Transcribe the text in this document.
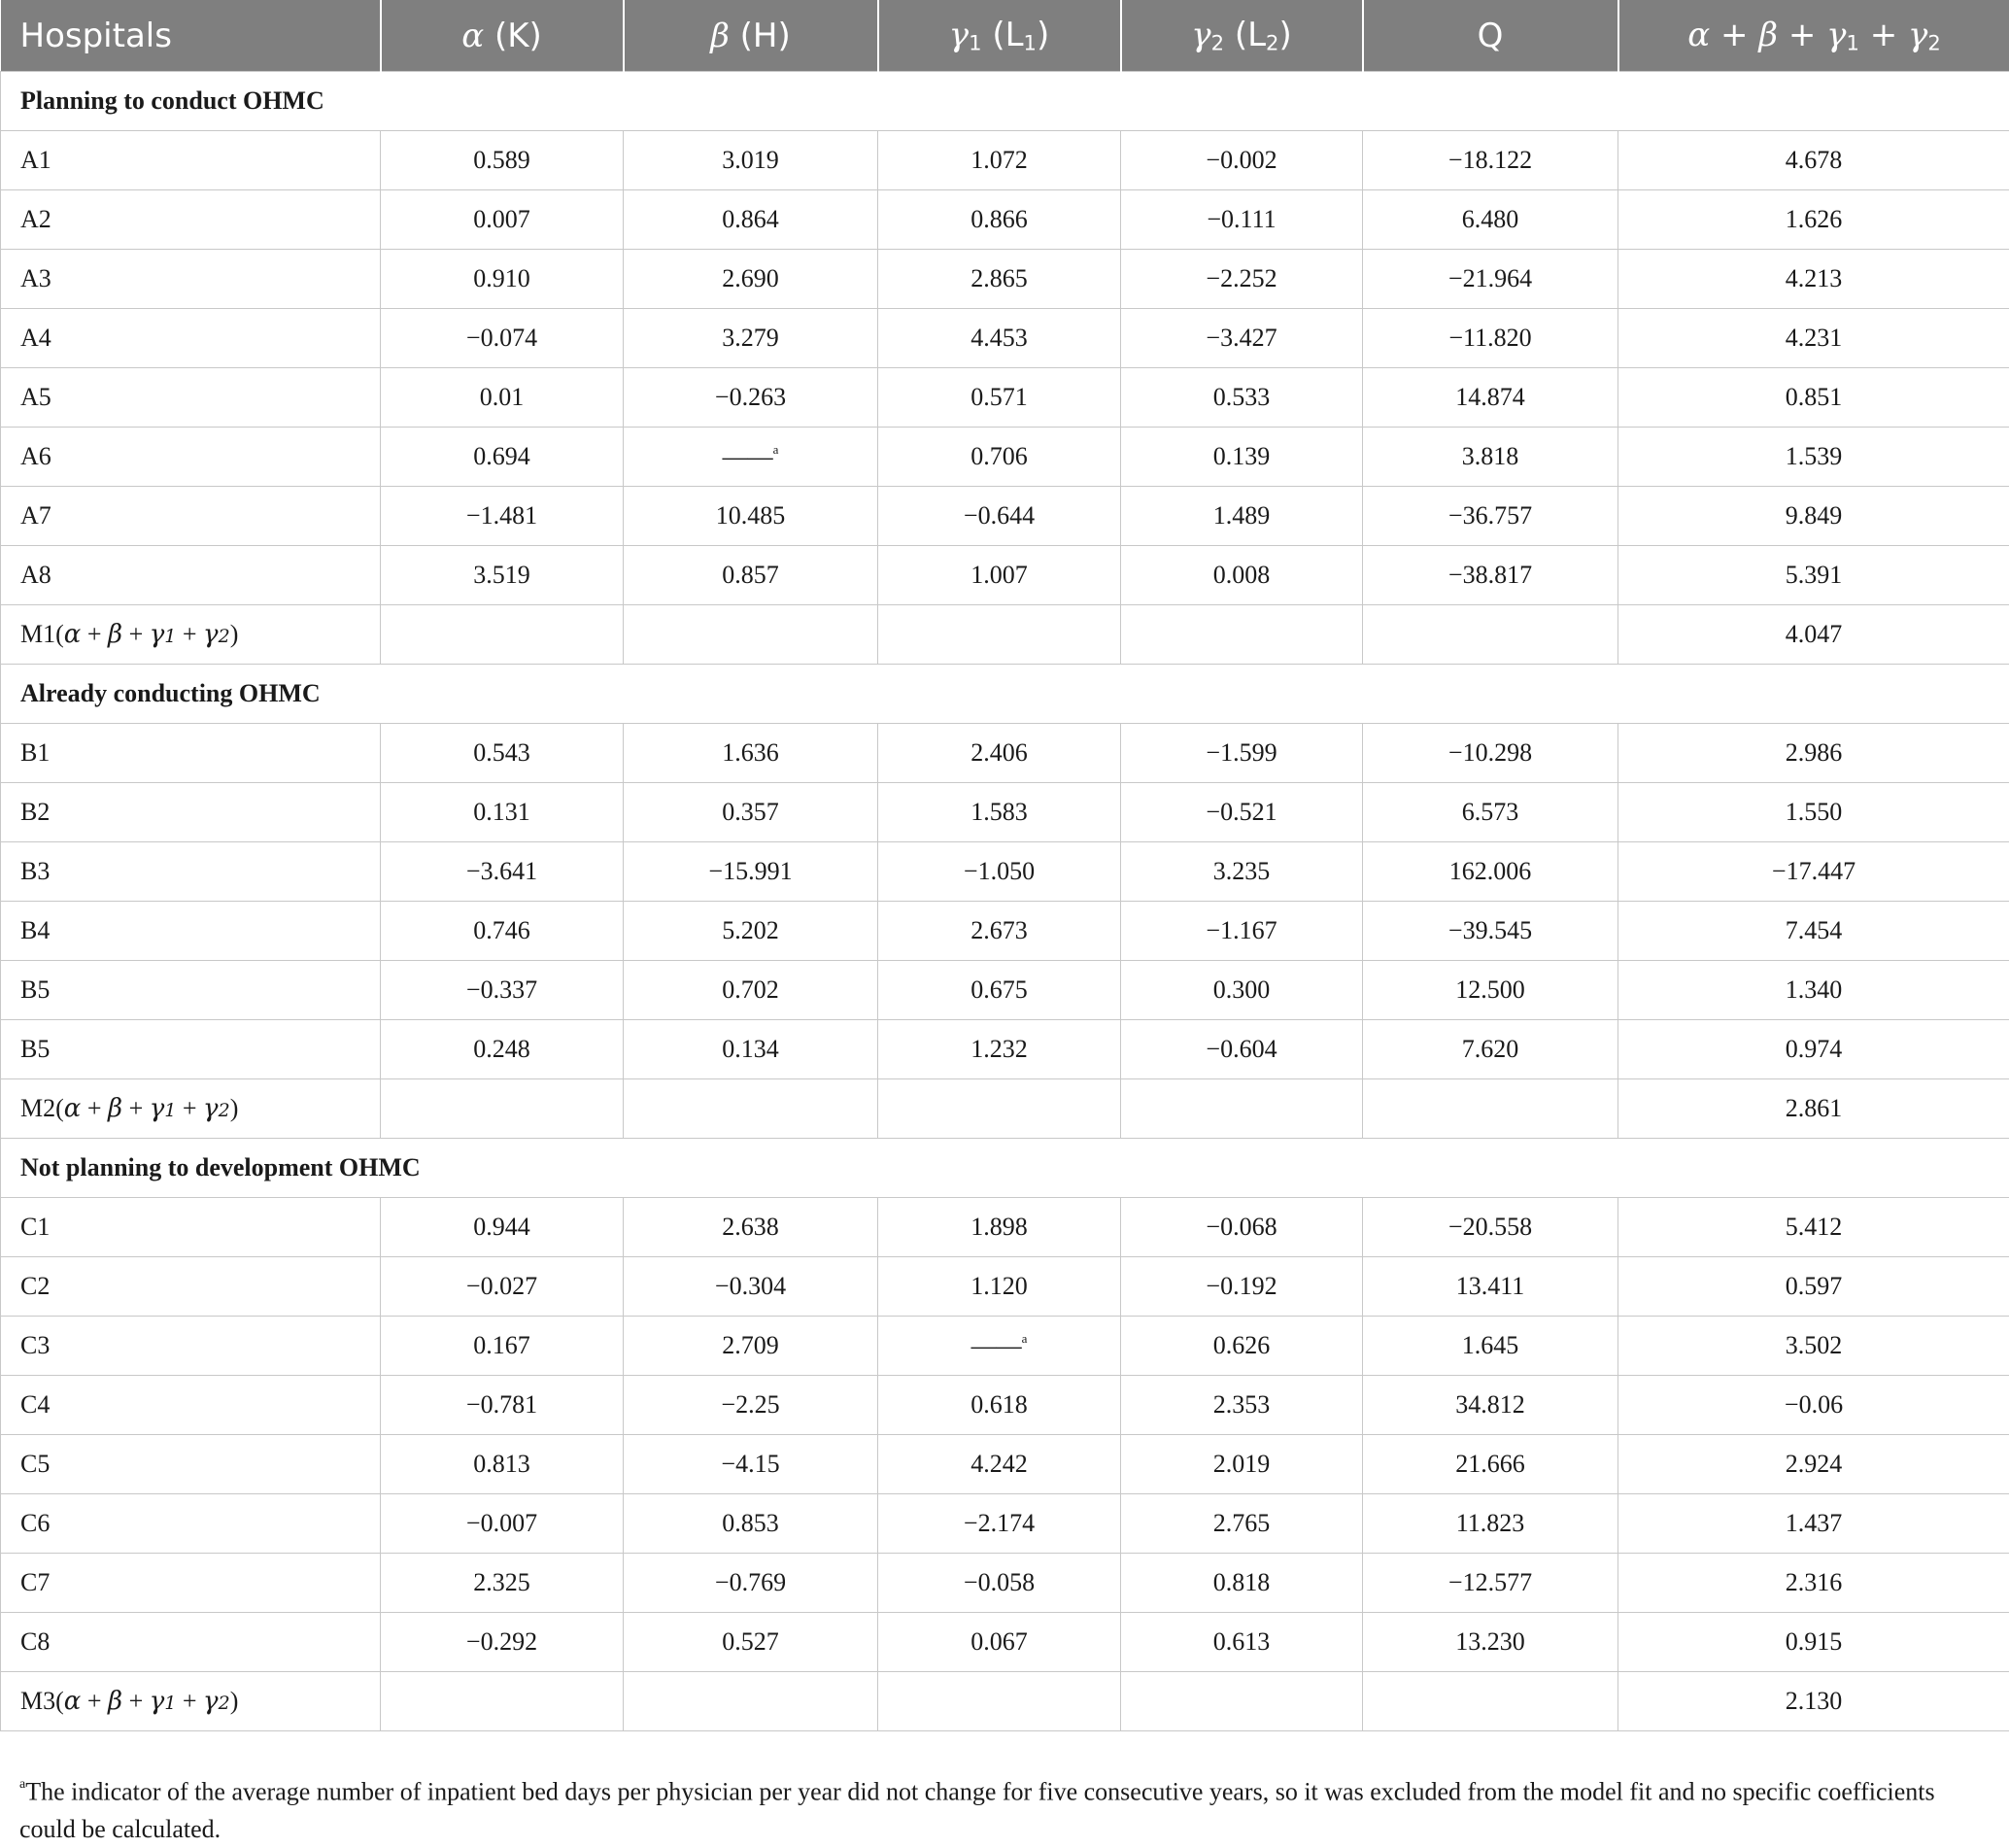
Hospitals	α (K)	β (H)	$\gamma_1$ $(L_1)$	$\gamma_2$ $(L_2)$	Q	$\alpha + \beta + \gamma_1 + \gamma_2$
Planning to conduct OHMC						
A1	0.589	3.019	1.072	−0.002	−18.122	4.678
A2	0.007	0.864	0.866	−0.111	6.480	1.626
A3	0.910	2.690	2.865	−2.252	−21.964	4.213
A4	−0.074	3.279	4.453	−3.427	−11.820	4.231
A5	0.01	−0.263	0.571	0.533	14.874	0.851
A6	0.694	——$^a$	0.706	0.139	3.818	1.539
A7	−1.481	10.485	−0.644	1.489	−36.757	9.849
A8	3.519	0.857	1.007	0.008	−38.817	5.391
M1(α + β + γ1 + γ2)						4.047
Already conducting OHMC						
B1	0.543	1.636	2.406	−1.599	−10.298	2.986
B2	0.131	0.357	1.583	−0.521	6.573	1.550
B3	−3.641	−15.991	−1.050	3.235	162.006	−17.447
B4	0.746	5.202	2.673	−1.167	−39.545	7.454
B5	−0.337	0.702	0.675	0.300	12.500	1.340
B5	0.248	0.134	1.232	−0.604	7.620	0.974
M2(α + β + γ1 + γ2)						2.861
Not planning to development OHMC						
C1	0.944	2.638	1.898	−0.068	−20.558	5.412
C2	−0.027	−0.304	1.120	−0.192	13.411	0.597
C3	0.167	2.709	——$^a$	0.626	1.645	3.502
C4	−0.781	−2.25	0.618	2.353	34.812	−0.06
C5	0.813	−4.15	4.242	2.019	21.666	2.924
C6	−0.007	0.853	−2.174	2.765	11.823	1.437
C7	2.325	−0.769	−0.058	0.818	−12.577	2.316
C8	−0.292	0.527	0.067	0.613	13.230	0.915
M3(α + β + γ1 + γ2)						2.130
$^a$The indicator of the average number of inpatient bed days per physician per year did not change for five consecutive years, so it was excluded from the model fit and no specific coefficients could be calculated.
